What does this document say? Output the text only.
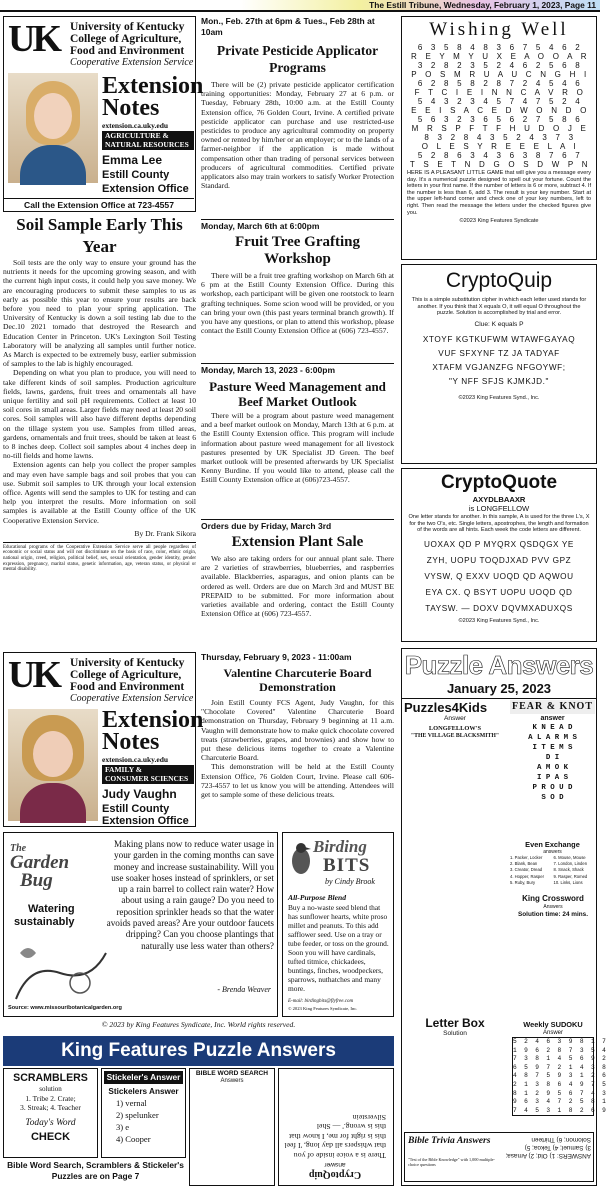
The Estill Tribune, Wednesday, February 1, 2023, Page 11
UK University of Kentucky
College of Agriculture,
Food and Environment
Cooperative Extension Service
Extension
Notes
extension.ca.uky.edu
AGRICULTURE &
NATURAL RESOURCES
Emma Lee
Estill County
Extension Office
Call the Extension Office at 723-4557
Soil Sample Early This Year

Soil tests are the only way to ensure your ground has the nutrients it needs for the upcoming growing season, and with the current high input costs, it could help you save money. We are encouraging producers to submit these samples to us as early as possible this year to ensure your results are back before you need to plan your spring application. The University of Kentucky is down a soil testing lab due to the Dec.10 2021 tornado that destroyed the Research and Education Center in Princeton. UK's Lexington Soil Testing Laboratory will be analyzing all samples until further notice. As March is expected to be extremely busy, earlier submission of samples to the lab is highly encouraged.

Depending on what you plan to produce, you will need to take different kinds of soil samples. Production agriculture fields, lawns, gardens, fruit trees and ornamentals all have unique fertility and soil pH requirements. Collect at least 10 soil cores in small areas. Larger fields may need at least 20 soil cores. Soil samples will also have different depths depending on the tillage system you use. Samples from tilled areas, gardens, ornamentals and fruit trees, should be taken at least 6 to 8 inches deep. Collect soil samples about 4 inches deep in no-till fields and home lawns.

Extension agents can help you collect the proper samples and may even have sample bags and soil probes that you can use. Submit soil samples to UK through your local extension office. Agents will send the samples to UK for testing and can help you interpret the results. More information on soil samples is available at the Estill County office of the UK Cooperative Extension Service.

By Dr. Frank Sikora
Educational programs of the Cooperative Extension Service serve all people regardless of economic or social status and will not discriminate on the basis of race, color, ethnic origin, national origin, creed, religion, political belief, sex, sexual orientation, gender identity, gender expression, pregnancy, marital status, genetic information, age, veteran status, or physical or mental disability.
Mon., Feb. 27th at 6pm & Tues., Feb 28th at 10am
Private Pesticide Applicator Programs

There will be (2) private pesticide applicator certification training opportunities: Monday, February 27 at 6 p.m. or Tuesday, February 28th, 10:00 a.m. at the Estill County Extension office, 76 Golden Court, Irvine. A certified private pesticide applicator can purchase and use restricted-use pesticides to produce any agricultural commodity on property owned or rented by him/her or an employer; or to the lands of a farmer-neighbor if the application is made without compensation other than trading of personal services between producers of agricultural commodities. Certified private applicators also may train workers to satisfy Worker Protection Standard.

Monday, March 6th at 6:00pm
Fruit Tree Grafting Workshop

There will be a fruit tree grafting workshop on March 6th at 6 pm at the Estill County Extension Office. During this workshop, each participant will be given one rootstock to learn grafting techniques. Some scion wood will be provided, or you can bring your own (this past years terminal branch growth). If you have any questions, or plan to attend this workshop, please contact the Estill County Extension Office at (606) 723-4557.

Monday, March 13, 2023 - 6:00pm
Pasture Weed Management and
Beef Market Outlook

There will be a program about pasture weed management and a beef market outlook on Monday, March 13th at 6 p.m. at the Estill County Extension office. This program will include information about pasture weed management for all livestock pastures presented by UK Specialist JD Green. The beef market outlook will be presented afterwards by UK Specialist Kenny Burdine. If you would like to attend, please call the Estill County Extension office at (606)723-4557.

Orders due by Friday, March 3rd
Extension Plant Sale

We also are taking orders for our annual plant sale. There are 2 varieties of strawberries, blueberries, and raspberries available. Blackberries, asparagus, and onion plants can be ordered as well. Orders are due on March 3rd and MUST BE PREPAID to be submitted. For more information about varieties available and ordering, contact the Estill County Extension Office at (606) 723-4557.

Wishing Well
6   3   5   8   4   8   3   6   7   5   4   6   2
R   E   Y   M   Y   U   X   E   A   O   O   A   R
3   2   8   2   3   5   2   4   6   2   5   6   8
P   O   S   M   R   U   A   U   C   N   G   H   I
6   2   8   5   8   2   8   7   2   4   5   4   6
F   T   C   I   E   I   N   N   C   A   V   R   O
5   4   3   2   3   4   5   7   4   7   5   2   4
E   E   I   S   A   C   E   D   W   O   N   D   O
5   6   3   2   3   6   5   6   2   7   5   8   6
M   R   S   P   F   T   F   H   U   D   O   J   E
8   3   2   8   4   3   5   2   4   3   7   3
O   L   E   S   Y   R   E   E   E   L   A   I
5   2   8   6   3   4   3   6   3   8   7   6   7
T   S   E   T   N   D   G   O   S   D   W   P   N
HERE IS A PLEASANT LITTLE GAME that will give you a message every day. It's a numerical puzzle designed to spell out your fortune. Count the letters in your first name. If the number of letters is 6 or more, subtract 4. If the number is less than 6, add 3. The result is your key number. Start at the upper left-hand corner and check one of your key numbers, left to right. Then read the message the letters under the checked figures give you.
©2023 King Features Syndicate
CryptoQuip
This is a simple substitution cipher in which each letter used stands for another. If you think that X equals O, it will equal O throughout the puzzle. Solution is accomplished by trial and error.
Clue: K equals P
XTOYF KGTKUFWM WTAWFGAYAQ
VUF SFXYNF TZ JA TADYAF
XTAFM VGJANZFG NFGOYWF;
"Y NFF SFJS KJMKJD."
©2023 King Features Synd., Inc.
CryptoQuote
AXYDLBAAXR
is LONGFELLOW
One letter stands for another. In this sample, A is used for the three L's, X for the two O's, etc. Single letters, apostrophes, the length and formation of the words are all hints. Each week the code letters are different.
UOXAX QD P MYQRX QSDQGX YE
ZYH, UOPU TOQDJXAD PVV GPZ
VYSW, Q EXXV UOQD QD AQWOU
EYA CX. Q BSYT UOPU UOQD QD
TAYSW. — DOXV DQVMXADUXQS
©2023 King Features Synd., Inc.
UK University of Kentucky
College of Agriculture,
Food and Environment
Cooperative Extension Service
Extension
Notes
extension.ca.uky.edu
FAMILY &
CONSUMER SCIENCES
Judy Vaughn
Estill County
Extension Office
Thursday, February 9, 2023 - 11:00am
Valentine Charcuterie Board Demonstration

Join Estill County FCS Agent, Judy Vaughn, for this "Chocolate Covered" Valentine Charcuterie Board demonstration on Thursday, February 9 beginning at 11 a.m. Vaughn will demonstrate how to make quick chocolate covered treats (strawberries, grapes, and brownies) and show how to put these delicious items together to create a Valentine Charcuterie Board.

This demonstration will be held at the Estill County Extension Office, 76 Golden Court, Irvine. Please call 606-723-4557 to let us know you will be attending. Attendees will get to sample some of these delicious treats.

The
Garden
Bug
Watering
sustainably
Making plans now to reduce water usage in your garden in the coming months can save money and increase sustainability. Will you use soaker hoses instead of sprinklers, or set up a rain barrel to collect rain water? How about using a rain gauge? Do you need to reposition sprinkler heads so that the water avoids paved areas? Are your outdoor faucets dripping? Can you choose plantings that naturally use less water than others?
- Brenda Weaver
Source: www.missouribotanicalgarden.org
Birding
BITS
by Cindy Brook
All-Purpose Blend
Buy a no-waste seed blend that has sunflower hearts, white proso millet and peanuts. To this add safflower seed. Use on a tray or tube feeder, or toss on the ground. Soon you will have cardinals, tufted titmice, chickadees, buntings, finches, woodpeckers, sparrows, nuthatches and many more.
E-mail: birdingbits@flyfree.com
© 2023 King Features Syndicate, Inc.
© 2023 by King Features Syndicate, Inc. World rights reserved.
King Features Puzzle Answers
SCRAMBLERS
solution
1. Tribe 2. Crate;
3. Streak; 4. Teacher
Today's Word
CHECK
Stickeler's Answer
Stickelers Answer
1) vernal
2) spelunker
3) e
4) Cooper
BIBLE WORD SEARCH
Answers
CryptoQuip
answer
There is a voice inside of you that whispers all day long, 'I feel this is right for me, I know that this is wrong.' — Shel Silverstein
Bible Word Search, Scramblers & Stickeler's Puzzles are on Page 7
Puzzle Answers
January 25, 2023
Puzzles4Kids
Answer
LONGFELLOW'S
"THE VILLAGE BLACKSMITH"
FEAR & KNOT
answer
K N E A D
A L A R M S
I T E M S
D I
A M O K
I P A S
P R O U D
S O D
Even Exchange
answers
1. Packer, Locker
2. Blank, Bean
3. Creator, Dread
4. Hopper, Rasper
5. Ruby, Bury
6. Mouse, Mouse
7. London, Linden
8. Snack, Shack
9. Rasper, Romed
10. Links, Lions
King Crossword
Answers
Solution time: 24 mins.
Letter Box
Solution
Weekly SUDOKU
Answer
5  2  4  6  3  9  8  1  7
1  9  6  2  8  7  3  5  4
7  3  8  1  4  5  6  9  2
6  5  9  7  2  1  4  3  8
4  8  7  5  9  3  1  2  6
2  1  3  8  6  4  9  7  5
8  1  2  9  5  6  7  4  3
9  6  3  4  7  2  5  8  1
7  4  5  3  1  8  2  6  9
Bible Trivia Answers
"Test of the Bible Knowledge" with 1,000 multiple-choice questions
ANSWERS: 1) Old; 2) Amasa; 3) Samuel; 4) Tekoa; 5) Solomon; 6) Thirteen
